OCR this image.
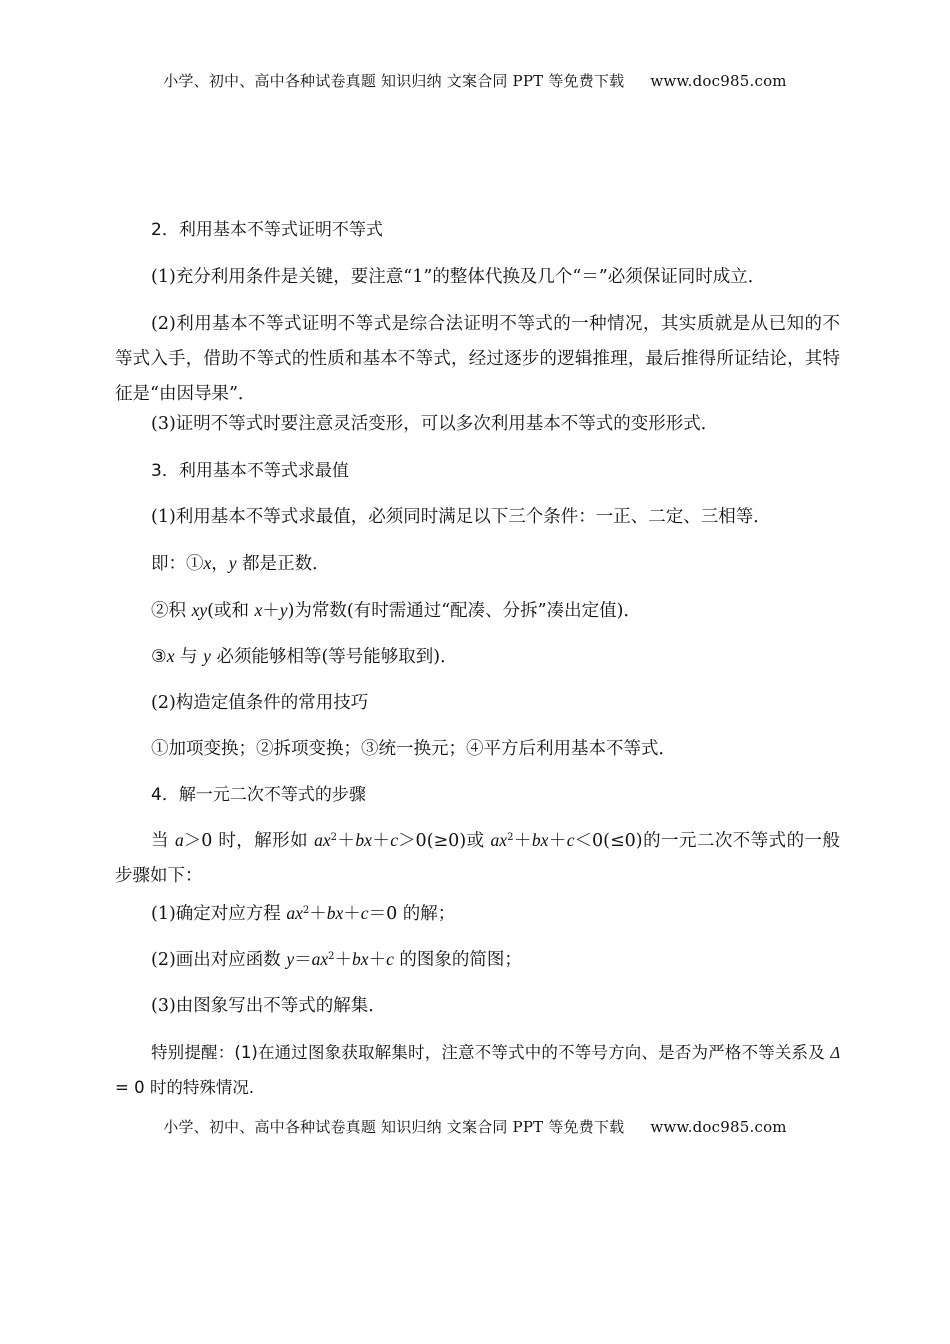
小学、初中、高中各种试卷真题 知识归纳 文案合同 PPT 等免费下载 www.doc985.com
2．利用基本不等式证明不等式
(1)充分利用条件是关键，要注意“1”的整体代换及几个“＝”必须保证同时成立．
(2)利用基本不等式证明不等式是综合法证明不等式的一种情况，其实质就是从已知的不等式入手，借助不等式的性质和基本不等式，经过逐步的逻辑推理，最后推得所证结论，其特征是“由因导果”．
(3)证明不等式时要注意灵活变形，可以多次利用基本不等式的变形形式．
3．利用基本不等式求最值
(1)利用基本不等式求最值，必须同时满足以下三个条件：一正、二定、三相等．
即：①x，y 都是正数．
②积 xy(或和 x＋y)为常数(有时需通过“配凑、分拆”凑出定值)．
③x 与 y 必须能够相等(等号能够取到)．
(2)构造定值条件的常用技巧
①加项变换；②拆项变换；③统一换元；④平方后利用基本不等式．
4．解一元二次不等式的步骤
当 a＞0 时，解形如 $ax^2+bx+c>0(\ge 0)$或 $ax^2+bx+c<0(\le 0)$的一元二次不等式的一般步骤如下：
(1)确定对应方程 $ax^2+bx+c=0$ 的解；
(2)画出对应函数 $y=ax^2+bx+c$ 的图象的简图；
(3)由图象写出不等式的解集．
特别提醒：(1)在通过图象获取解集时，注意不等式中的不等号方向、是否为严格不等关系及 Δ = 0 时的特殊情况.
小学、初中、高中各种试卷真题 知识归纳 文案合同 PPT 等免费下载 www.doc985.com
